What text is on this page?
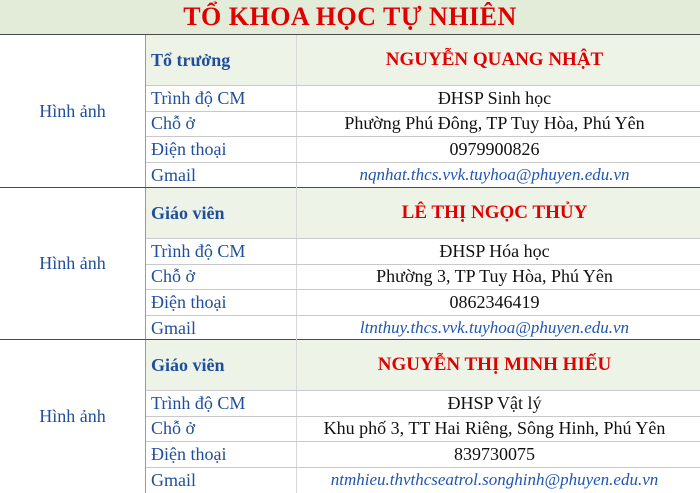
TỔ KHOA HỌC TỰ NHIÊN
Hình ảnh
Tổ trưởng	NGUYỄN QUANG NHẬT
Trình độ CM	ĐHSP Sinh học
Chỗ ở	Phường Phú Đông, TP Tuy Hòa, Phú Yên
Điện thoại	0979900826
Gmail	nqnhat.thcs.vvk.tuyhoa@phuyen.edu.vn
Hình ảnh
Giáo viên	LÊ THỊ NGỌC THỦY
Trình độ CM	ĐHSP Hóa học
Chỗ ở	Phường 3, TP Tuy Hòa, Phú Yên
Điện thoại	0862346419
Gmail	ltnthuy.thcs.vvk.tuyhoa@phuyen.edu.vn
Hình ảnh
Giáo viên	NGUYỄN THỊ MINH HIẾU
Trình độ CM	ĐHSP Vật lý
Chỗ ở	Khu phố 3, TT Hai Riêng, Sông Hinh, Phú Yên
Điện thoại	839730075
Gmail	ntmhieu.thvthcseatrol.songhinh@phuyen.edu.vn
